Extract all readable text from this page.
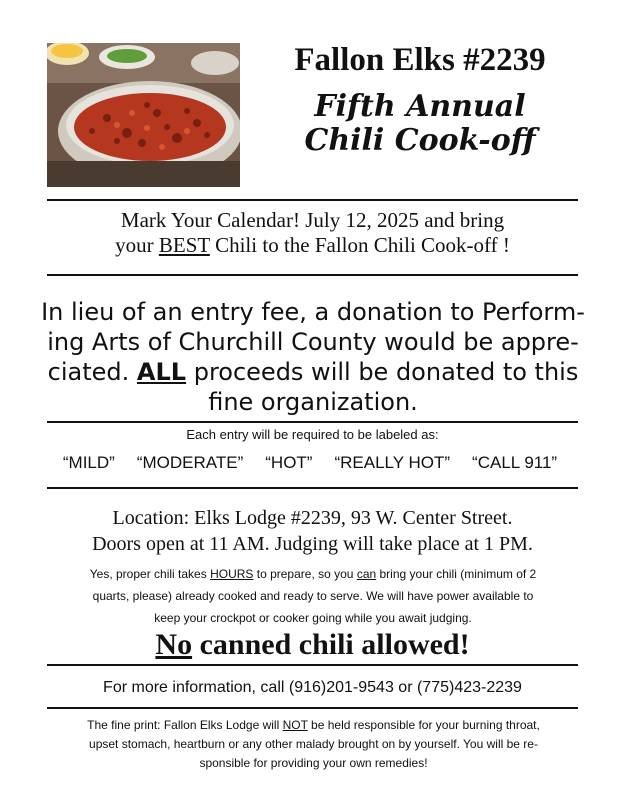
Fallon Elks #2239
Fifth Annual
Chili Cook-off
Mark Your Calendar! July 12, 2025 and bring
your BEST Chili to the Fallon Chili Cook-off !
In lieu of an entry fee, a donation to Perform-
ing Arts of Churchill County would be appre-
ciated. ALL proceeds will be donated to this
fine organization.
Each entry will be required to be labeled as:
“MILD” “MODERATE” “HOT” “REALLY HOT” “CALL 911”
Location: Elks Lodge #2239, 93 W. Center Street.
Doors open at 11 AM. Judging will take place at 1 PM.
Yes, proper chili takes HOURS to prepare, so you can bring your chili (minimum of 2
quarts, please) already cooked and ready to serve. We will have power available to
keep your crockpot or cooker going while you await judging.
No canned chili allowed!
For more information, call (916)201-9543 or (775)423-2239
The fine print: Fallon Elks Lodge will NOT be held responsible for your burning throat,
upset stomach, heartburn or any other malady brought on by yourself. You will be re-
sponsible for providing your own remedies!
